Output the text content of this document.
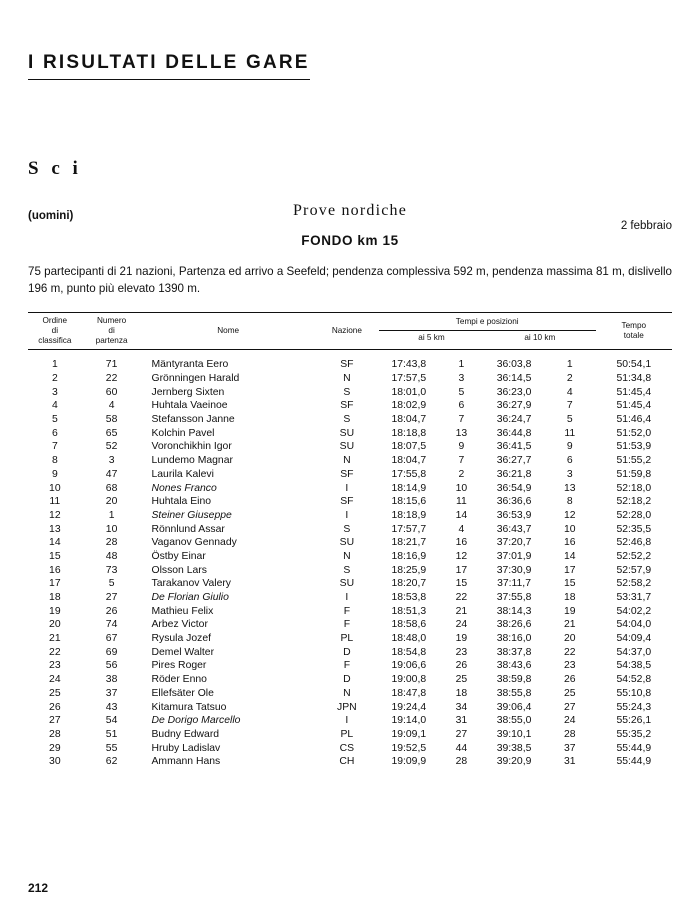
I RISULTATI DELLE GARE
S c i
(uomini)	Prove nordiche
FONDO km 15
2 febbraio
75 partecipanti di 21 nazioni, Partenza ed arrivo a Seefeld; pendenza complessiva 592 m, pendenza massima 81 m, dislivello 196 m, punto più elevato 1390 m.
Ordine
di
classifica

Numero
di
partenza
	Nome	Nazione	Tempi e posizioni	Tempo
totale

				ai 5 km		ai 10 km		

1	71	Mäntyranta Eero	SF	17:43,8	1	36:03,8	1	50:54,1
2	22	Grönningen Harald	N	17:57,5	3	36:14,5	2	51:34,8
3	60	Jernberg Sixten	S	18:01,0	5	36:23,0	4	51:45,4
4	4	Huhtala Vaeinoe	SF	18:02,9	6	36:27,9	7	51:45,4
5	58	Stefansson Janne	S	18:04,7	7	36:24,7	5	51:46,4
6	65	Kolchin Pavel	SU	18:18,8	13	36:44,8	11	51:52,0
7	52	Voronchikhin Igor	SU	18:07,5	9	36:41,5	9	51:53,9
8	3	Lundemo Magnar	N	18:04,7	7	36:27,7	6	51:55,2
9	47	Laurila Kalevi	SF	17:55,8	2	36:21,8	3	51:59,8
10	68	Nones Franco	I	18:14,9	10	36:54,9	13	52:18,0
11	20	Huhtala Eino	SF	18:15,6	11	36:36,6	8	52:18,2
12	1	Steiner Giuseppe	I	18:18,9	14	36:53,9	12	52:28,0
13	10	Rönnlund Assar	S	17:57,7	4	36:43,7	10	52:35,5
14	28	Vaganov Gennady	SU	18:21,7	16	37:20,7	16	52:46,8
15	48	Östby Einar	N	18:16,9	12	37:01,9	14	52:52,2
16	73	Olsson Lars	S	18:25,9	17	37:30,9	17	52:57,9
17	5	Tarakanov Valery	SU	18:20,7	15	37:11,7	15	52:58,2
18	27	De Florian Giulio	I	18:53,8	22	37:55,8	18	53:31,7
19	26	Mathieu Felix	F	18:51,3	21	38:14,3	19	54:02,2
20	74	Arbez Victor	F	18:58,6	24	38:26,6	21	54:04,0
21	67	Rysula Jozef	PL	18:48,0	19	38:16,0	20	54:09,4
22	69	Demel Walter	D	18:54,8	23	38:37,8	22	54:37,0
23	56	Pires Roger	F	19:06,6	26	38:43,6	23	54:38,5
24	38	Röder Enno	D	19:00,8	25	38:59,8	26	54:52,8
25	37	Ellefsäter Ole	N	18:47,8	18	38:55,8	25	55:10,8
26	43	Kitamura Tatsuo	JPN	19:24,4	34	39:06,4	27	55:24,3
27	54	De Dorigo Marcello	I	19:14,0	31	38:55,0	24	55:26,1
28	51	Budny Edward	PL	19:09,1	27	39:10,1	28	55:35,2
29	55	Hruby Ladislav	CS	19:52,5	44	39:38,5	37	55:44,9
30	62	Ammann Hans	CH	19:09,9	28	39:20,9	31	55:44,9
212
